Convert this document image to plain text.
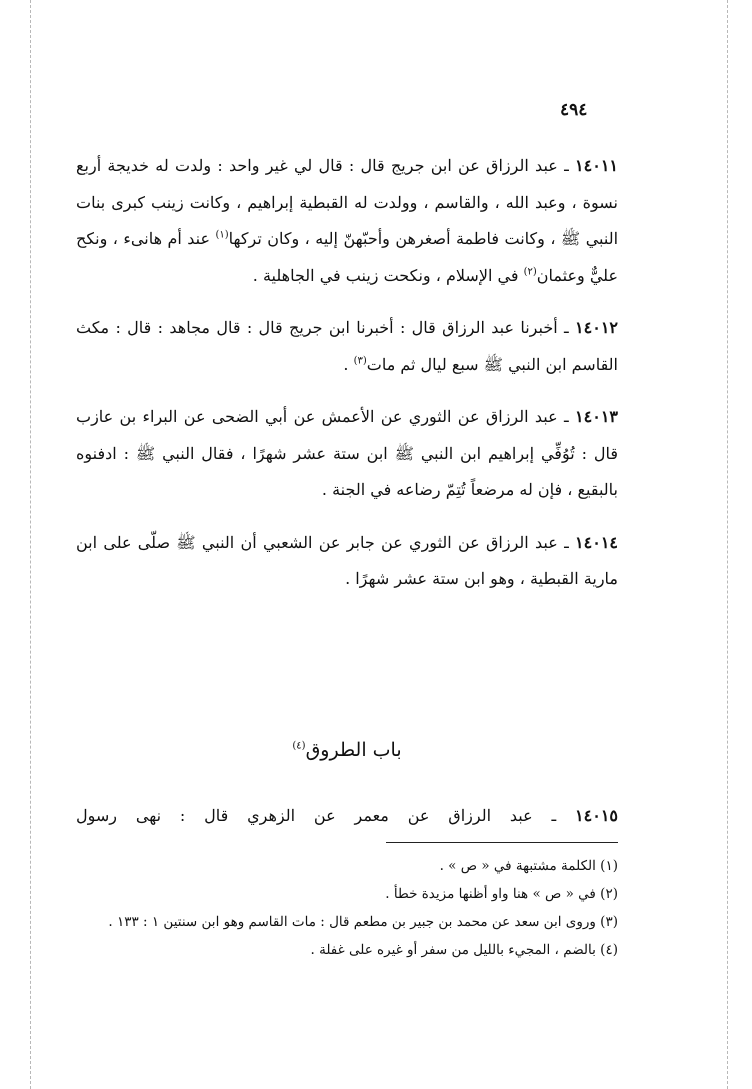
٤٩٤

١٤٠١١ ـ عبد الرزاق عن ابن جريج قال : قال لي غير واحد : ولدت له خديجة أربع نسوة ، وعبد الله ، والقاسم ، وولدت له القبطية إبراهيم ، وكانت زينب كبرى بنات النبي ﷺ ، وكانت فاطمة أصغرهن وأحبّهنّ إليه ، وكان تركها$^{(١)}$ عند أم هانىء ، ونكح عليٌّ وعثمان$^{(٢)}$ في الإسلام ، ونكحت زينب في الجاهلية .

١٤٠١٢ ـ أخبرنا عبد الرزاق قال : أخبرنا ابن جريج قال : قال مجاهد : قال : مكث القاسم ابن النبي ﷺ سبع ليال ثم مات$^{(٣)}$ .

١٤٠١٣ ـ عبد الرزاق عن الثوري عن الأعمش عن أبي الضحى عن البراء بن عازب قال : تُوُفِّي إبراهيم ابن النبي ﷺ ابن ستة عشر شهرًا ، فقال النبي ﷺ : ادفنوه بالبقيع ، فإن له مرضعاً تُتِمّ رضاعه في الجنة .

١٤٠١٤ ـ عبد الرزاق عن الثوري عن جابر عن الشعبي أن النبي ﷺ صلّى على ابن مارية القبطية ، وهو ابن ستة عشر شهرًا .

باب الطروق$^{(٤)}$

١٤٠١٥ ـ عبد الرزاق عن معمر عن الزهري قال : نهى رسول

(١) الكلمة مشتبهة في « ص » .

(٢) في « ص » هنا واو أظنها مزيدة خطأ .

(٣) وروى ابن سعد عن محمد بن جبير بن مطعم قال : مات القاسم وهو ابن سنتين ١ : ١٣٣ .

(٤) بالضم ، المجيء بالليل من سفر أو غيره على غفلة .
